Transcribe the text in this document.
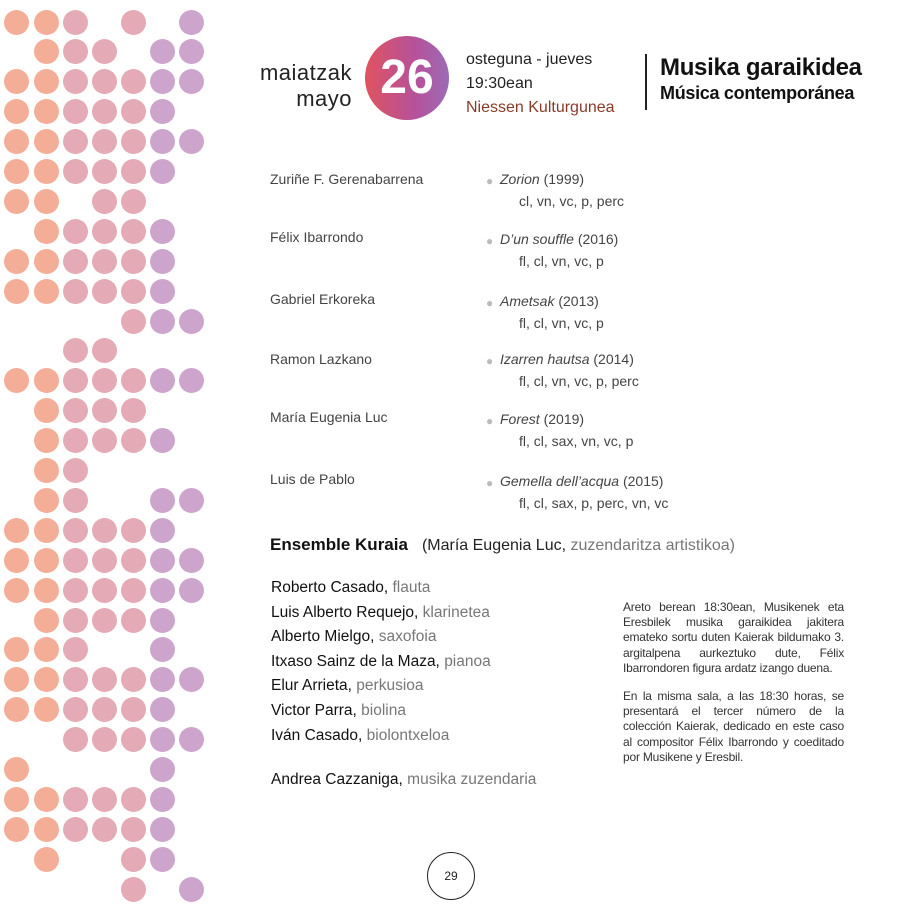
maiatzak
mayo 26	osteguna - jueves
19:30ean
Niessen Kulturgunea
Musika garaikidea
Música contemporánea
Zuriñe F. Gerenabarrena	● Zorion (1999)
cl, vn, vc, p, perc
Félix Ibarrondo	● D’un souffle (2016)
fl, cl, vn, vc, p
Gabriel Erkoreka	● Ametsak (2013)
fl, cl, vn, vc, p
Ramon Lazkano	● Izarren hautsa (2014)
fl, cl, vn, vc, p, perc
María Eugenia Luc	● Forest (2019)
fl, cl, sax, vn, vc, p
Luis de Pablo	● Gemella dell’acqua (2015)
fl, cl, sax, p, perc, vn, vc
Ensemble Kuraia (María Eugenia Luc, zuzendaritza artistikoa)
Roberto Casado, flauta
Luis Alberto Requejo, klarinetea
Alberto Mielgo, saxofoia
Itxaso Sainz de la Maza, pianoa
Elur Arrieta, perkusioa
Victor Parra, biolina
Iván Casado, biolontxeloa
Andrea Cazzaniga, musika zuzendaria

Areto berean 18:30ean, Musikenek eta Eresbilek musika garaikidea jakitera emateko sortu duten Kaierak bildumako 3. argitalpena aurkeztuko dute, Félix Ibarrondoren figura ardatz izango duena.

En la misma sala, a las 18:30 horas, se presentará el tercer número de la colección Kaierak, dedicado en este caso al compositor Félix Ibarrondo y coeditado por Musikene y Eresbil.

29
